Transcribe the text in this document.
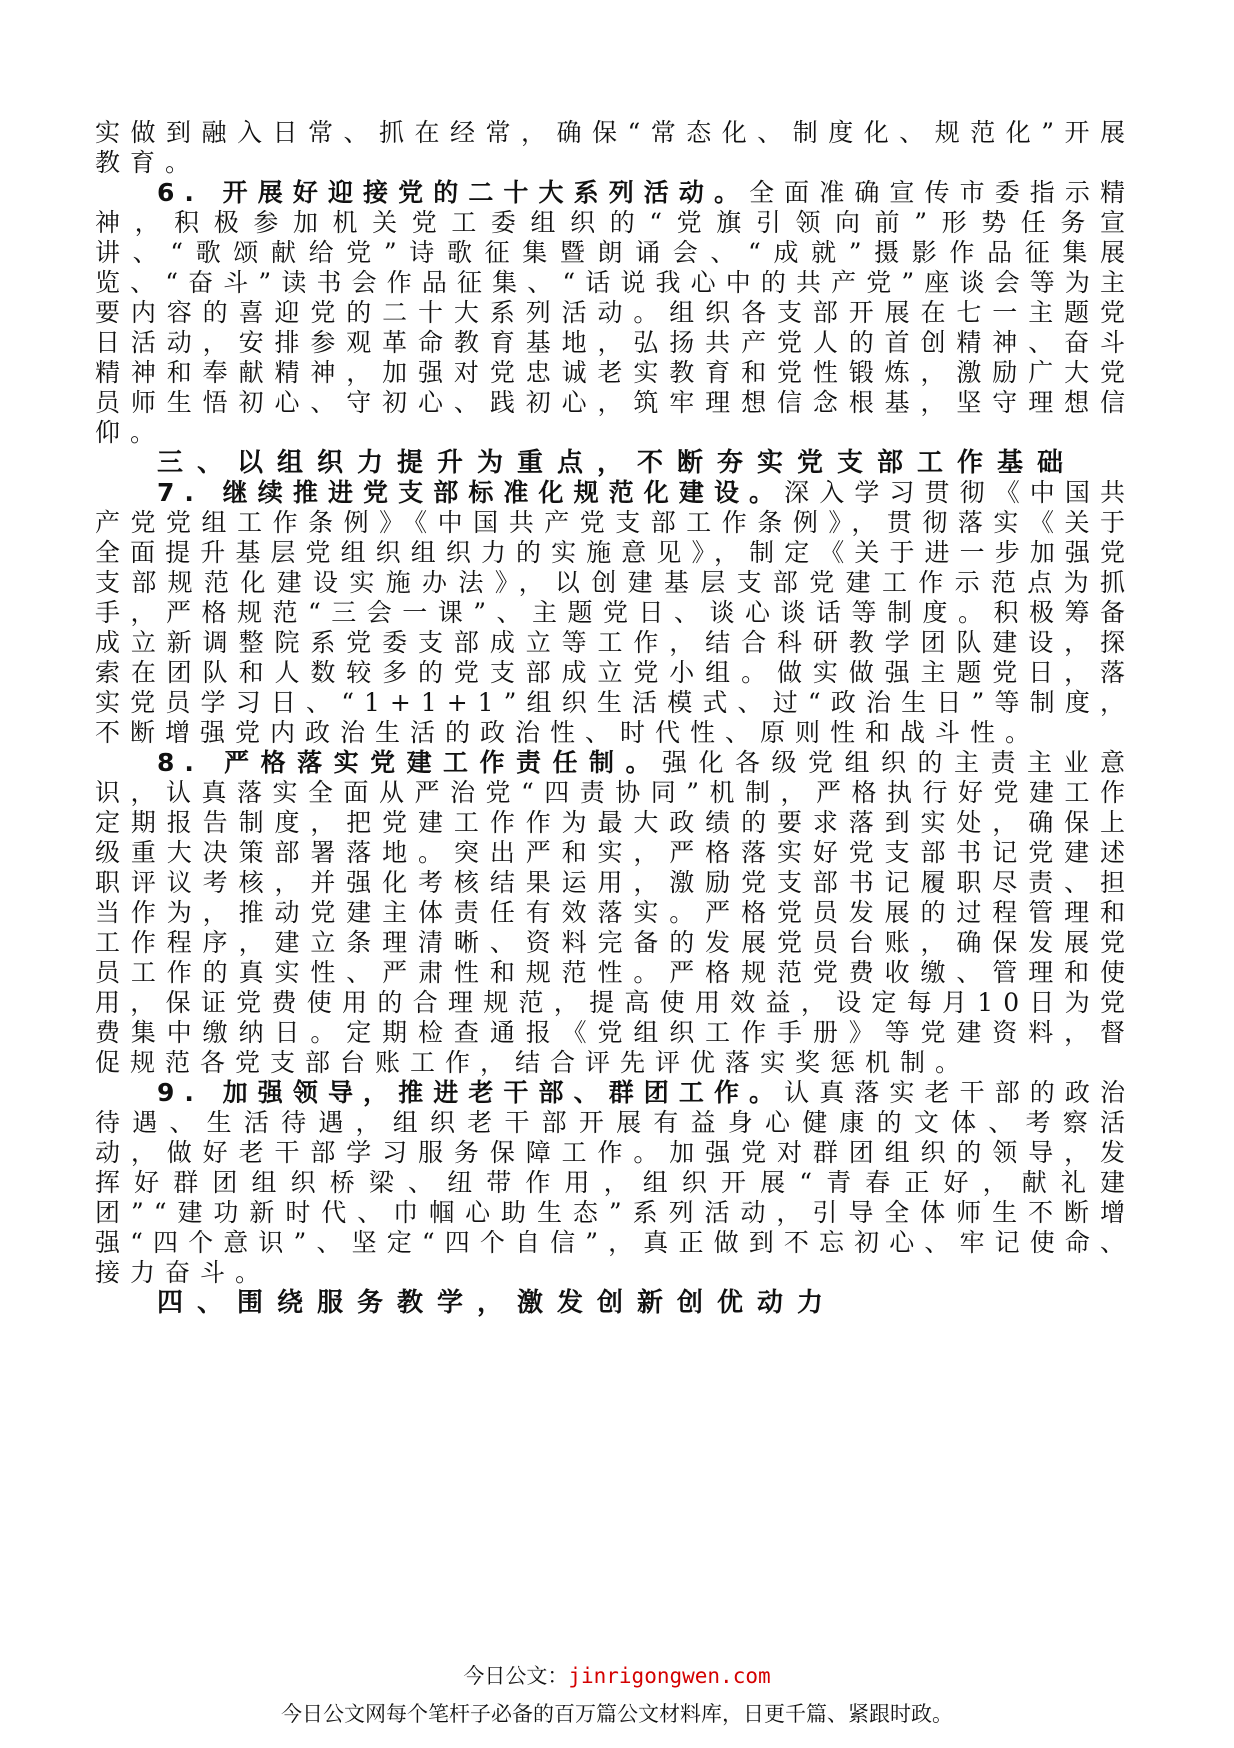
实做到融入日常、抓在经常，确保“常态化、制度化、规范化”开展教育。

6. 开展好迎接党的二十大系列活动。全面准确宣传市委指示精神，积极参加机关党工委组织的“党旗引领向前”形势任务宣讲、“歌颂献给党”诗歌征集暨朗诵会、“成就”摄影作品征集展览、“奋斗”读书会作品征集、“话说我心中的共产党”座谈会等为主要内容的喜迎党的二十大系列活动。组织各支部开展在七一主题党日活动，安排参观革命教育基地，弘扬共产党人的首创精神、奋斗精神和奉献精神，加强对党忠诚老实教育和党性锻炼，激励广大党员师生悟初心、守初心、践初心，筑牢理想信念根基，坚守理想信仰。

三、以组织力提升为重点，不断夯实党支部工作基础

7. 继续推进党支部标准化规范化建设。深入学习贯彻《中国共产党党组工作条例》《中国共产党支部工作条例》，贯彻落实《关于全面提升基层党组织组织力的实施意见》，制定《关于进一步加强党支部规范化建设实施办法》，以创建基层支部党建工作示范点为抓手，严格规范“三会一课”、主题党日、谈心谈话等制度。积极筹备成立新调整院系党委支部成立等工作，结合科研教学团队建设，探索在团队和人数较多的党支部成立党小组。做实做强主题党日，落实党员学习日、“1+1+1”组织生活模式、过“政治生日”等制度，不断增强党内政治生活的政治性、时代性、原则性和战斗性。

8. 严格落实党建工作责任制。强化各级党组织的主责主业意识，认真落实全面从严治党“四责协同”机制，严格执行好党建工作定期报告制度，把党建工作作为最大政绩的要求落到实处，确保上级重大决策部署落地。突出严和实，严格落实好党支部书记党建述职评议考核，并强化考核结果运用，激励党支部书记履职尽责、担当作为，推动党建主体责任有效落实。严格党员发展的过程管理和工作程序，建立条理清晰、资料完备的发展党员台账，确保发展党员工作的真实性、严肃性和规范性。严格规范党费收缴、管理和使用，保证党费使用的合理规范，提高使用效益，设定每月10日为党费集中缴纳日。定期检查通报《党组织工作手册》等党建资料，督促规范各党支部台账工作，结合评先评优落实奖惩机制。

9. 加强领导，推进老干部、群团工作。认真落实老干部的政治待遇、生活待遇，组织老干部开展有益身心健康的文体、考察活动，做好老干部学习服务保障工作。加强党对群团组织的领导，发挥好群团组织桥梁、纽带作用，组织开展“青春正好，献礼建团”“建功新时代、巾帼心助生态”系列活动，引导全体师生不断增强“四个意识”、坚定“四个自信”，真正做到不忘初心、牢记使命、接力奋斗。

四、围绕服务教学，激发创新创优动力

今日公文：jinrigongwen.com
今日公文网每个笔杆子必备的百万篇公文材料库，日更千篇、紧跟时政。
